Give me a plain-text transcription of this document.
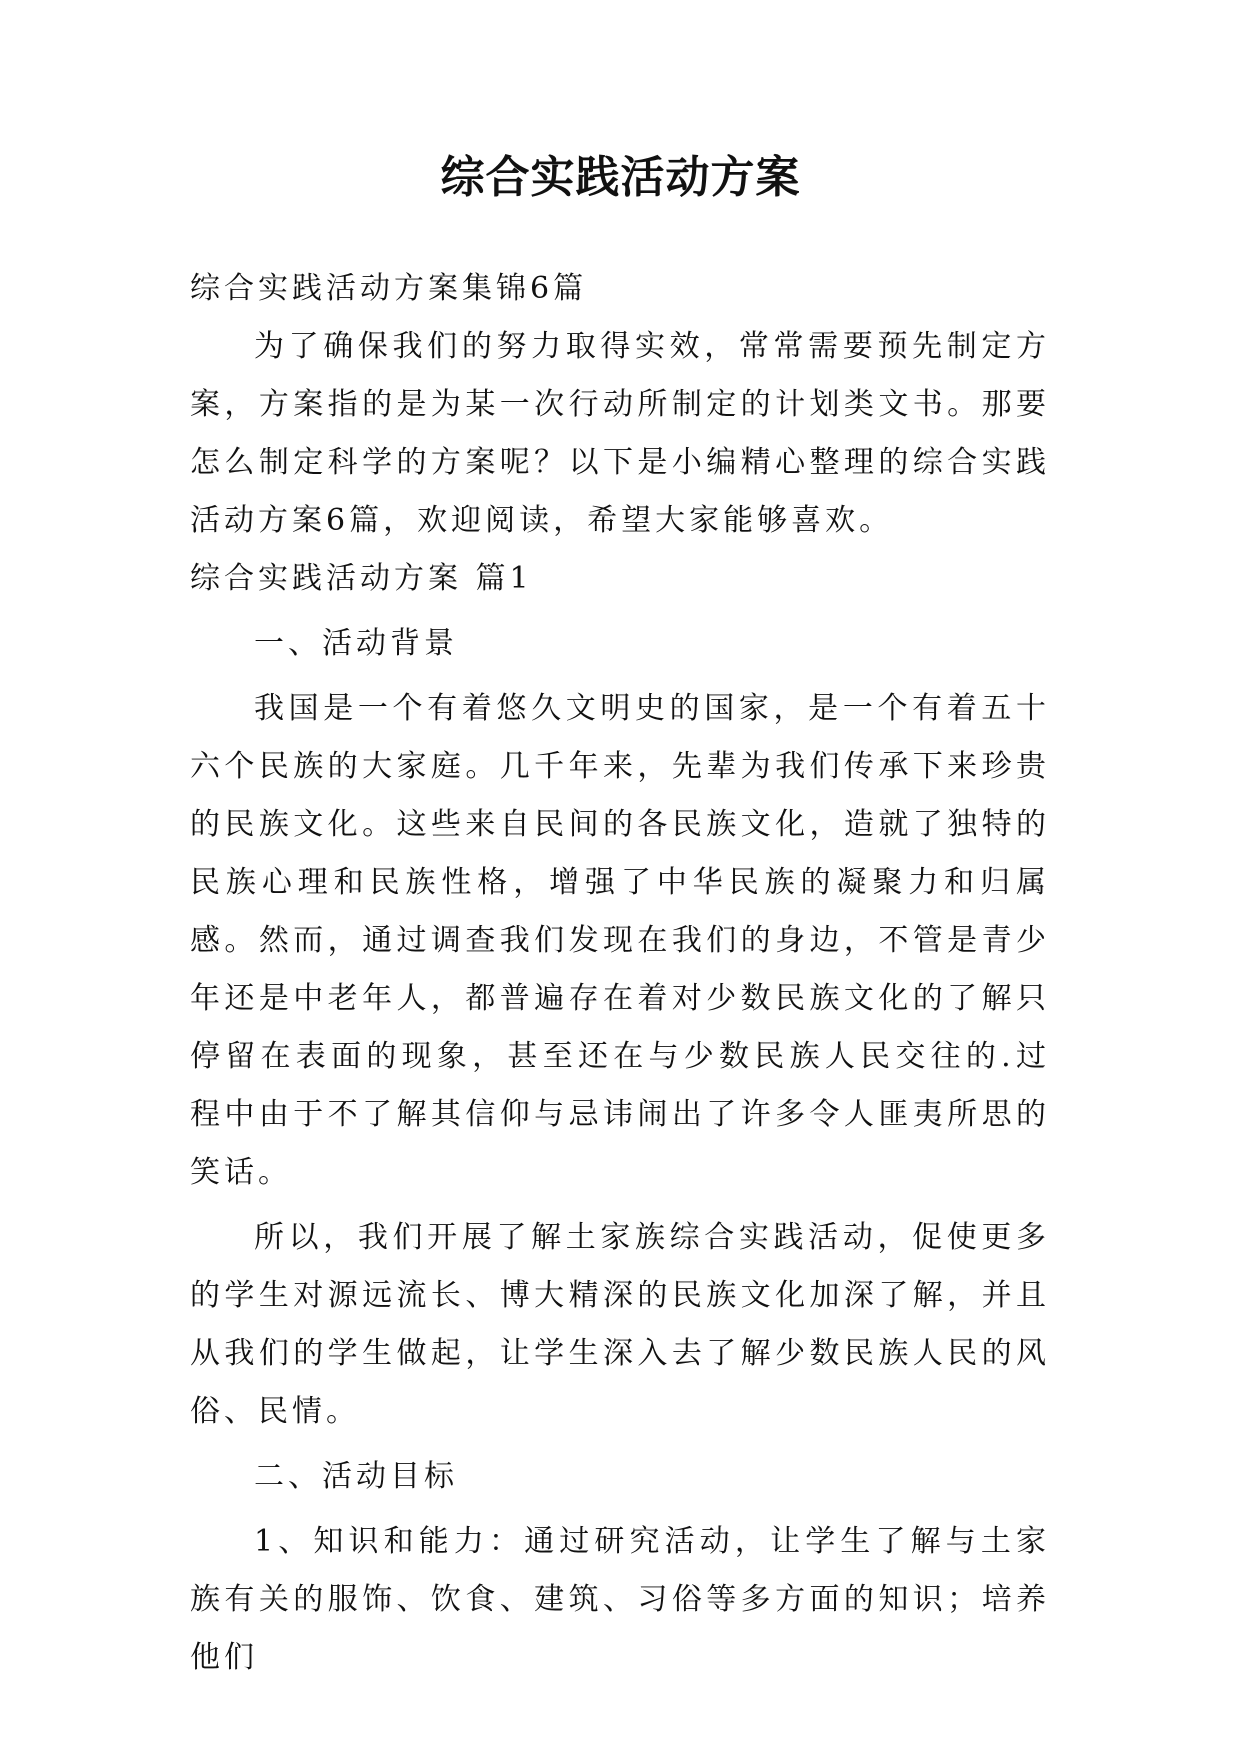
综合实践活动方案

综合实践活动方案集锦6篇

为了确保我们的努力取得实效，常常需要预先制定方案，方案指的是为某一次行动所制定的计划类文书。那要怎么制定科学的方案呢？以下是小编精心整理的综合实践活动方案6篇，欢迎阅读，希望大家能够喜欢。

综合实践活动方案 篇1

一、活动背景

我国是一个有着悠久文明史的国家，是一个有着五十六个民族的大家庭。几千年来，先辈为我们传承下来珍贵的民族文化。这些来自民间的各民族文化，造就了独特的民族心理和民族性格，增强了中华民族的凝聚力和归属感。然而，通过调查我们发现在我们的身边，不管是青少年还是中老年人，都普遍存在着对少数民族文化的了解只停留在表面的现象，甚至还在与少数民族人民交往的.过程中由于不了解其信仰与忌讳闹出了许多令人匪夷所思的笑话。

所以，我们开展了解土家族综合实践活动，促使更多的学生对源远流长、博大精深的民族文化加深了解，并且从我们的学生做起，让学生深入去了解少数民族人民的风俗、民情。

二、活动目标

1、知识和能力：通过研究活动，让学生了解与土家族有关的服饰、饮食、建筑、习俗等多方面的知识；培养他们
